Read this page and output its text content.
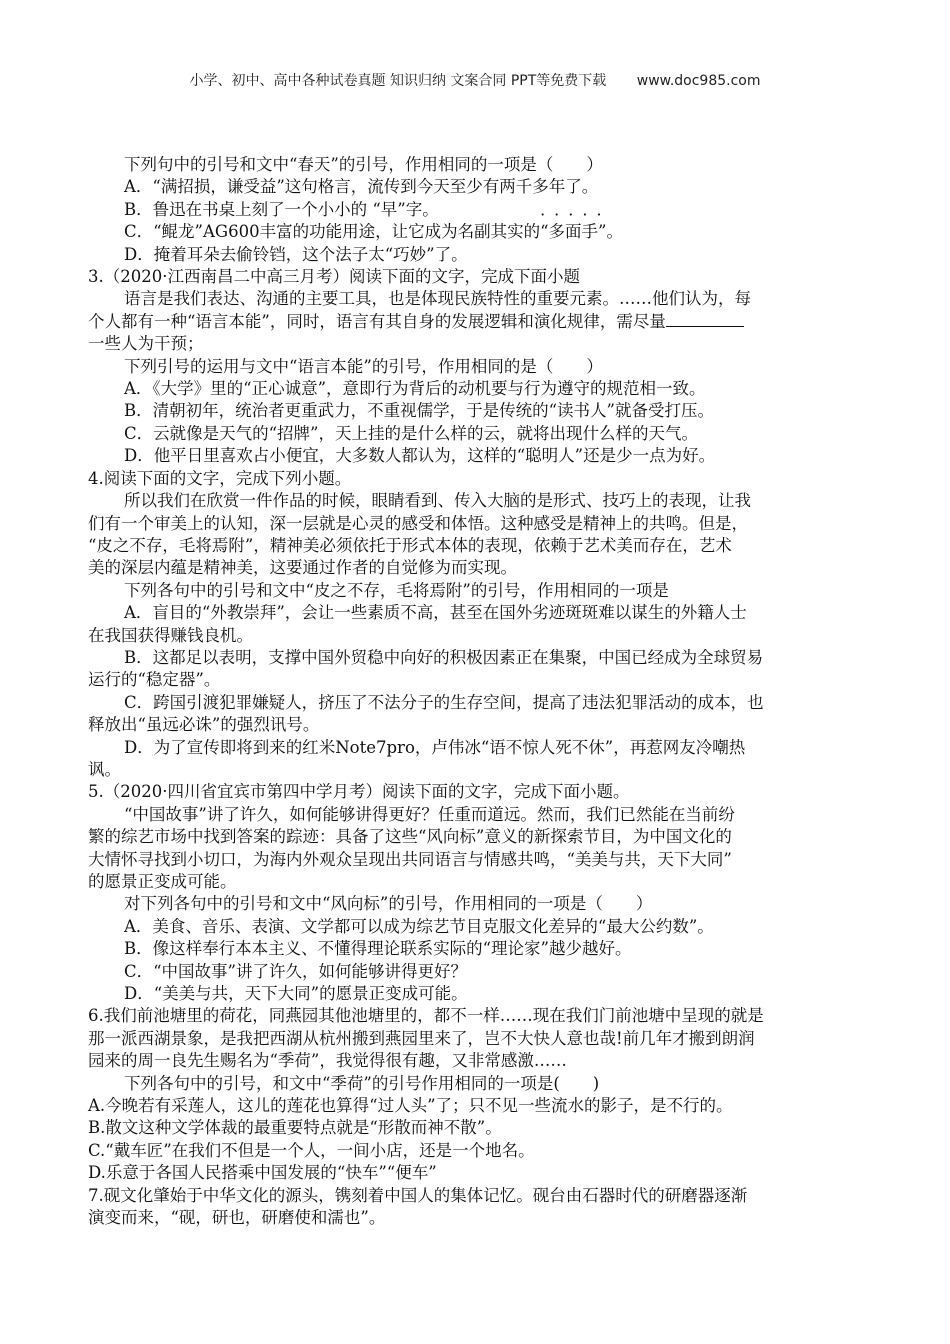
小学、初中、高中各种试卷真题 知识归纳 文案合同 PPT等免费下载 www.doc985.com
下列句中的引号和文中“春天”的引号，作用相同的一项是（　　）
A．“满招损，谦受益”这句格言，流传到今天至少有两千多年了。
B．鲁迅在书桌上刻了一个小小的 “早”字。
C．“鲲龙”AG600丰富的功能用途，让它成为名副其实的
·····
“多面手”。
D．掩着耳朵去偷铃铛，这个法子太“巧妙”了。
3.（2020·江西南昌二中高三月考）阅读下面的文字，完成下面小题
语言是我们表达、沟通的主要工具，也是体现民族特性的重要元素。……他们认为，每
个人都有一种“语言本能”，同时，语言有其自身的发展逻辑和演化规律，需尽量
一些人为干预；
下列引号的运用与文中“语言本能”的引号，作用相同的是（　　）
A．《大学》里的“正心诚意”，意即行为背后的动机要与行为遵守的规范相一致。
B．清朝初年，统治者更重武力，不重视儒学，于是传统的“读书人”就备受打压。
C．云就像是天气的“招牌”，天上挂的是什么样的云，就将出现什么样的天气。
D．他平日里喜欢占小便宜，大多数人都认为，这样的“聪明人”还是少一点为好。
4.阅读下面的文字，完成下列小题。
所以我们在欣赏一件作品的时候，眼睛看到、传入大脑的是形式、技巧上的表现，让我
们有一个审美上的认知，深一层就是心灵的感受和体悟。这种感受是精神上的共鸣。但是，
“皮之不存，毛将焉附”，精神美必须依托于形式本体的表现，依赖于艺术美而存在，艺术
美的深层内蕴是精神美，这要通过作者的自觉修为而实现。
下列各句中的引号和文中“皮之不存，毛将焉附”的引号，作用相同的一项是
A．盲目的“外教崇拜”，会让一些素质不高，甚至在国外劣迹斑斑难以谋生的外籍人士
在我国获得赚钱良机。
B．这都足以表明，支撑中国外贸稳中向好的积极因素正在集聚，中国已经成为全球贸易
运行的“稳定器”。
C．跨国引渡犯罪嫌疑人，挤压了不法分子的生存空间，提高了违法犯罪活动的成本，也
释放出“虽远必诛”的强烈讯号。
D．为了宣传即将到来的红米Note7pro，卢伟冰“语不惊人死不休”，再惹网友冷嘲热
讽。
5.（2020·四川省宜宾市第四中学月考）阅读下面的文字，完成下面小题。
“中国故事”讲了许久，如何能够讲得更好？任重而道远。然而，我们已然能在当前纷
繁的综艺市场中找到答案的踪迹：具备了这些“风向标”意义的新探索节目，为中国文化的
大情怀寻找到小切口，为海内外观众呈现出共同语言与情感共鸣，“美美与共，天下大同”
的愿景正变成可能。
对下列各句中的引号和文中“风向标”的引号，作用相同的一项是（　　）
A．美食、音乐、表演、文学都可以成为综艺节目克服文化差异的“最大公约数”。
B．像这样奉行本本主义、不懂得理论联系实际的“理论家”越少越好。
C．“中国故事”讲了许久，如何能够讲得更好？
D．“美美与共，天下大同”的愿景正变成可能。
6.我们前池塘里的荷花，同燕园其他池塘里的，都不一样……现在我们门前池塘中呈现的就是
那一派西湖景象，是我把西湖从杭州搬到燕园里来了，岂不大快人意也哉!前几年才搬到朗润
园来的周一良先生赐名为“季荷”，我觉得很有趣，又非常感激……
下列各句中的引号，和文中“季荷”的引号作用相同的一项是(　　)
A.今晚若有采莲人，这儿的莲花也算得“过人头”了；只不见一些流水的影子，是不行的。
B.散文这种文学体裁的最重要特点就是“形散而神不散”。
C.“戴车匠”在我们不但是一个人，一间小店，还是一个地名。
D.乐意于各国人民搭乘中国发展的“快车”“便车”
7.砚文化肇始于中华文化的源头，镌刻着中国人的集体记忆。砚台由石器时代的研磨器逐渐
演变而来，“砚，研也，研磨使和濡也”。
